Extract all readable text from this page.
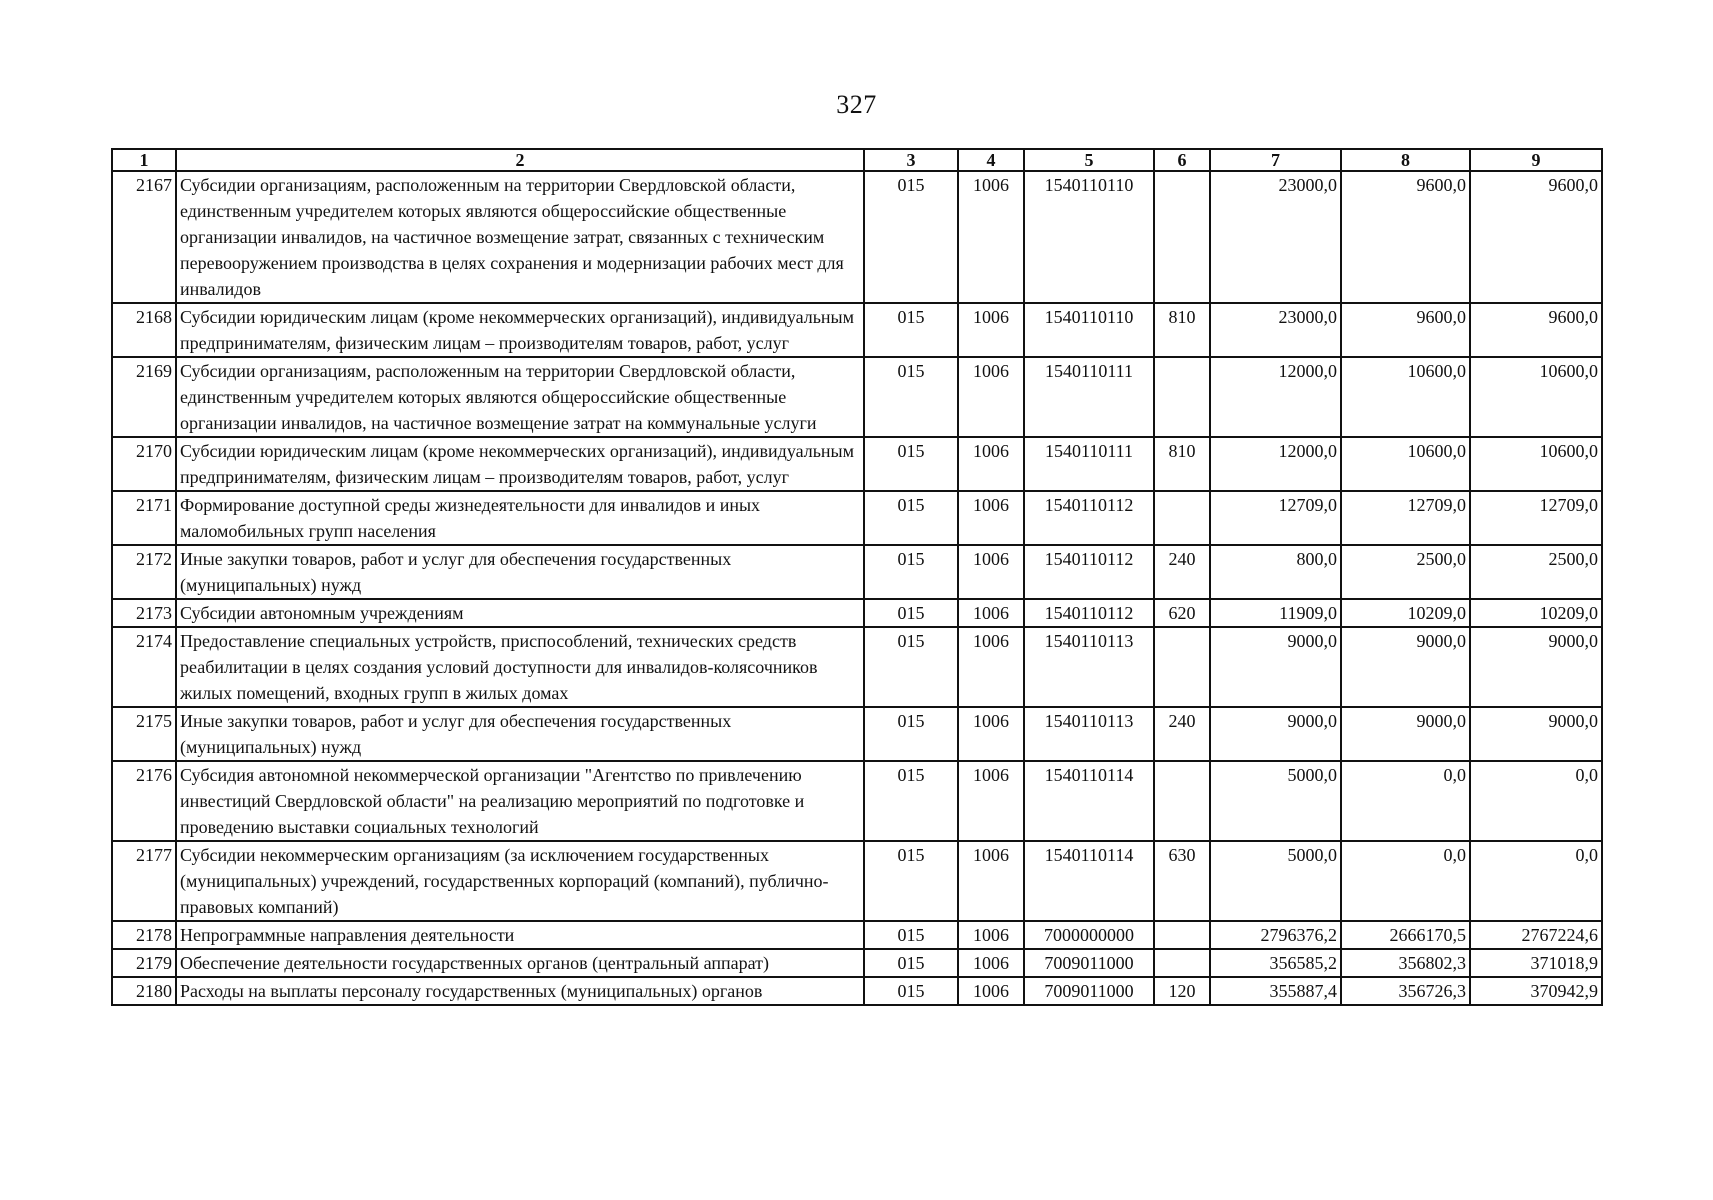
327
1	2	3	4	5	6	7	8	9
2167	Субсидии организациям, расположенным на территории Свердловской области, единственным учредителем которых являются общероссийские общественные организации инвалидов, на частичное возмещение затрат, связанных с техническим перевооружением производства в целях сохранения и модернизации рабочих мест для инвалидов	015	1006	1540110110		23000,0	9600,0	9600,0
2168	Субсидии юридическим лицам (кроме некоммерческих организаций), индивидуальным предпринимателям, физическим лицам – производителям товаров, работ, услуг	015	1006	1540110110	810	23000,0	9600,0	9600,0
2169	Субсидии организациям, расположенным на территории Свердловской области, единственным учредителем которых являются общероссийские общественные организации инвалидов, на частичное возмещение затрат на коммунальные услуги	015	1006	1540110111		12000,0	10600,0	10600,0
2170	Субсидии юридическим лицам (кроме некоммерческих организаций), индивидуальным предпринимателям, физическим лицам – производителям товаров, работ, услуг	015	1006	1540110111	810	12000,0	10600,0	10600,0
2171	Формирование доступной среды жизнедеятельности для инвалидов и иных маломобильных групп населения	015	1006	1540110112		12709,0	12709,0	12709,0
2172	Иные закупки товаров, работ и услуг для обеспечения государственных (муниципальных) нужд	015	1006	1540110112	240	800,0	2500,0	2500,0
2173	Субсидии автономным учреждениям	015	1006	1540110112	620	11909,0	10209,0	10209,0
2174	Предоставление специальных устройств, приспособлений, технических средств реабилитации в целях создания условий доступности для инвалидов-колясочников жилых помещений, входных групп в жилых домах	015	1006	1540110113		9000,0	9000,0	9000,0
2175	Иные закупки товаров, работ и услуг для обеспечения государственных (муниципальных) нужд	015	1006	1540110113	240	9000,0	9000,0	9000,0
2176	Субсидия автономной некоммерческой организации "Агентство по привлечению инвестиций Свердловской области" на реализацию мероприятий по подготовке и проведению выставки социальных технологий	015	1006	1540110114		5000,0	0,0	0,0
2177	Субсидии некоммерческим организациям (за исключением государственных (муниципальных) учреждений, государственных корпораций (компаний), публично-правовых компаний)	015	1006	1540110114	630	5000,0	0,0	0,0
2178	Непрограммные направления деятельности	015	1006	7000000000		2796376,2	2666170,5	2767224,6
2179	Обеспечение деятельности государственных органов (центральный аппарат)	015	1006	7009011000		356585,2	356802,3	371018,9
2180	Расходы на выплаты персоналу государственных (муниципальных) органов	015	1006	7009011000	120	355887,4	356726,3	370942,9
